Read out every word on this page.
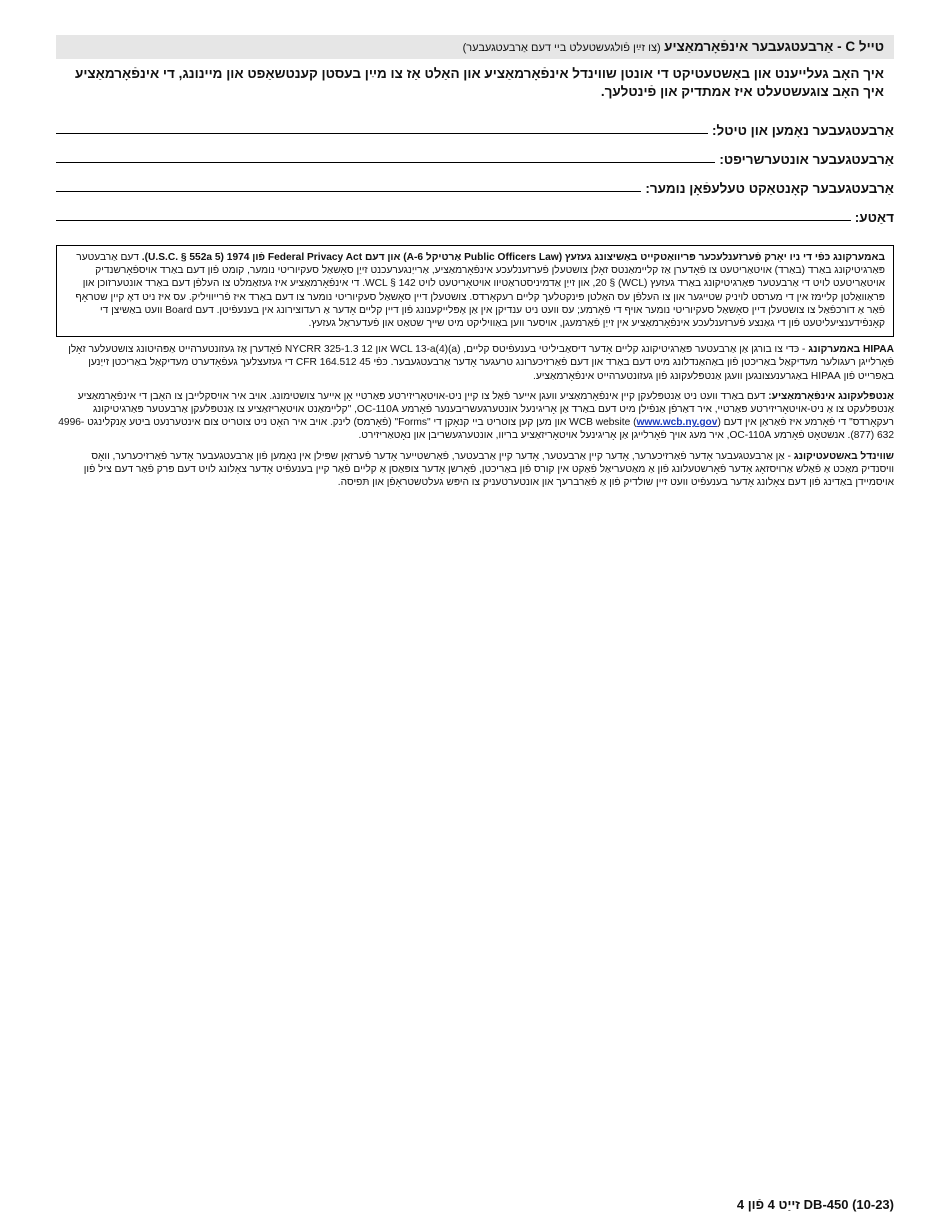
טייל C - אַרבעטגעבער אינפֿאָרמאַציע (צו זײַן פֿולגעשטעלט ביי דעם אַרבעטגעבער)
איך האָב געלייענט און באַשטעטיקט די אונטן שווינדל אינפֿאָרמאַציע און האַלט אַז צו מײַן בעסטן קענטשאַפט און מיינונג, די אינפֿאָרמאַציע איך האָב צוגעשטעלט איז אמתדיק און פֿינטלעך.
אַרבעטגעבער נאָמען און טיטל:
אַרבעטגעבער אונטערשריפט:
אַרבעטגעבער קאָנטאַקט טעלעפֿאָן נומער:
דאַטע:
באמערקונג כּפֿי די ניו יאָרק פֿערזענלעכער פּריוואַטקייט באַשיצונג געזעץ (Public Officers Law אַרטיקל A-6) און דעם Federal Privacy Act פֿון 1974 (5 U.S.C. § 552a). דעם אַרבעטער פּאַרגיטיקונג באַרד (באַרד) אויטאַריטעט צו פֿאָדערן אַז קליימאַנטס זאָלן צושטעלן פֿערזענלעכע אינפֿאָרמאַציע, אַרייַנגערעכנט זייַן סאָשאַל סעקיוריטי נומער, קומט פֿון דעם באַרד אויספֿאָרשנדיק אויטאַריטעט לויט די אַרבעטער פּאַרגיטיקונג באַרד געזעץ (WCL) § 20, און זייַן אַדמיניסטראַטיוו אויטאָריטעט לויט WCL § 142. די אינפֿאָרמאַציע איז געזאַמלט צו העלפֿן דעם באַרד אונטערזוכן און פּראַוואַלטן קליימז אין די מערסט לויניק שטייגער און צו העלפֿן עס האַלטן פּינקטלעך קליים רעקאָרדס. צושטעלן דיין סאָשאַל סעקיוריטי נומער צו דעם באַרד איז פֿרייוויליק. עס איז ניט דאָ קיין שטראָף פֿאַר אַ דורכפֿאַל צו צושטעלן דיין סאָשאַל סעקיוריטי נומער אויף די פֿאָרמע; עס וועט ניט ענדיקן אין אַן אָפּלייקענונג פֿון דיין קליים אָדער אַ רעדוצירונג אין בענעפֿיטן. דעם Board וועט באַשיצן די קאָנפֿידענציעליטעט פֿון די גאַנצע פֿערזענלעכע אינפֿאָרמאַציע אין זייַן פֿאַרמעגן, אויסער ווען באַוויליקט מיט שייך שטאַט און פֿעדעראַל געזעץ.

HIPAA באמערקונג - כּדי צו בורגן אַן אַרבעטער פּאַרגיטיקונג קליים אָדער דיסאַביליטי בענעפֿיטס קליים, WCL 13-a(4)(a) און 12 NYCRR 325-1.3 פֿאָדערן אַז געזונטערהייט אַפּהיטונג צושטעלער זאָלן פֿאָרלייגן רעגולער מעדיקאַל באַריכטן פֿון באַהאַנדלונג מיט דעם באַרד און דעם פֿאַרזיכערונג טרעגער אָדער אַרבעטגעבער. כּפֿי 45 CFR 164.512 די געזעצלעך געפֿאָדערט מעדיקאַל באַריכטן זייַנען באַפרייט פֿון HIPAA באַגרענעצונגען וועגן אַנטפּלעקונג פֿון געזונטערהייט אינפֿאָרמאַציע.

אַנטפּלעקונג אינפֿאָרמאַציע: דעם באַרד וועט ניט אַנטפּלעקן קיין אינפֿאָרמאַציע וועגן אייער פֿאַל צו קיין ניט-אויטאָריזירטע פּאַרטיי אָן אייער צושטימונג. אויב איר אויסקלייבן צו האָבן די אינפֿאָרמאַציע אַנטפּלעקט צו אַ ניט-אויטאָריזירטע פּאַרטיי, איר דאַרפֿן אַנפֿילן מיט דעם באַרד אַן אָריגינעל אונטערגעשריבענער פֿאָרמע OC-110A, "קליימאַנט אויטאָריזאַציע צו אַנטפּלעקן אַרבעטער פּאַרגיטיקונג רעקאָרדס" די פֿאָרמע איז פֿאַראַן אין דעם WCB website (www.wcb.ny.gov) און מען קען צוטריט ביי קנאָקן די "Forms" (פֿאָרמס) לינק. אויב איר האָט ניט צוטריט צום אינטערנעט ביטע אָנקלינגט 4996-632 (877). אנשטאָט פֿאָרמע OC-110A, איר מעג אויך פֿאָרלייגן אַן אָריגינעל אויטאָריזאַציע בריוו, אונטערגעשריבן און נאָטאַריזירט.

שווינדל באשטעטיקונג - אַן אַרבעטגעבער אָדער פֿאַרזיכערער, אָדער קיין אַרבעטער, אָדער קיין אַרבעטער, פֿאַרשטייער אָדער פֿערזאָן שפּילן אין נאָמען פֿון אַרבעטגעבער אָדער פֿאַרזיכערער, וואָס וויסנדיק מאַכט אַ פֿאַלש אַרויסזאָג אָדער פֿאָרשטעלונג פֿון אַ מאַטעריאַל פֿאַקט אין קורס פֿון באַריכטן, פֿאָרשן אָדער צופּאַסן אַ קליים פֿאַר קיין בענעפֿיט אָדער צאָלונג לויט דעם פּרק פֿאַר דעם ציל פֿון אויסמיידן באַדינג פֿון דעם צאָלונג אָדער בענעפֿיט וועט זיין שולדיק פֿון אַ פֿאַרברעך און אונטערטעניק צו היפּש געלטשטראָפֿן און תּפיסה.

DB-450 (10-23) זייַט 4 פֿון 4
